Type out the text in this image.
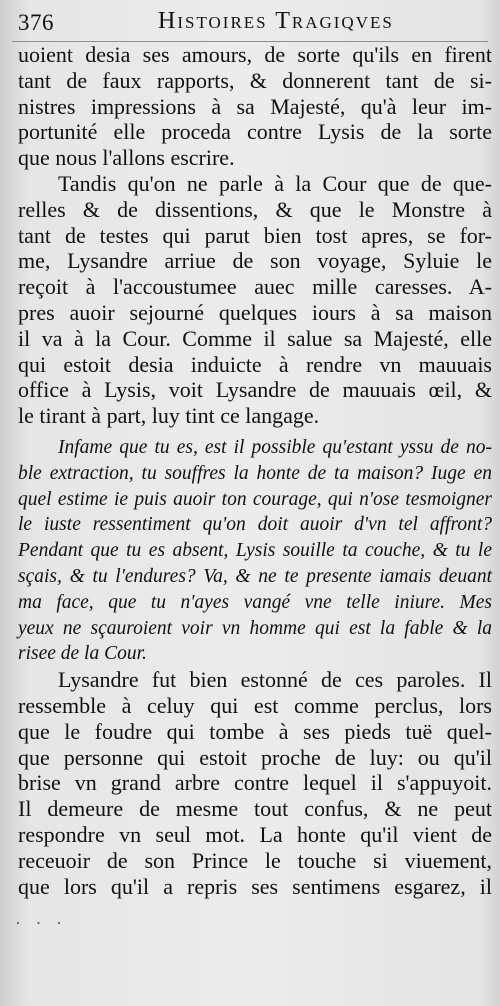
376	Histoires Tragiqves
uoient desia ses amours, de sorte qu'ils en firent
tant de faux rapports, & donnerent tant de si-
nistres impressions à sa Majesté, qu'à leur im-
portunité elle proceda contre Lysis de la sorte
que nous l'allons escrire.
Tandis qu'on ne parle à la Cour que de que-
relles & de dissentions, & que le Monstre à
tant de testes qui parut bien tost apres, se for-
me, Lysandre arriue de son voyage, Syluie le
reçoit à l'accoustumee auec mille caresses. A-
pres auoir sejourné quelques iours à sa maison
il va à la Cour. Comme il salue sa Majesté, elle
qui estoit desia induicte à rendre vn mauuais
office à Lysis, voit Lysandre de mauuais œil, &
le tirant à part, luy tint ce langage.
Infame que tu es, est il possible qu'estant yssu de no-
ble extraction, tu souffres la honte de ta maison? Iuge en
quel estime ie puis auoir ton courage, qui n'ose tesmoigner
le iuste ressentiment qu'on doit auoir d'vn tel affront?
Pendant que tu es absent, Lysis souille ta couche, & tu le
sçais, & tu l'endures? Va, & ne te presente iamais deuant
ma face, que tu n'ayes vangé vne telle iniure. Mes
yeux ne sçauroient voir vn homme qui est la fable & la
risee de la Cour.
Lysandre fut bien estonné de ces paroles. Il
ressemble à celuy qui est comme perclus, lors
que le foudre qui tombe à ses pieds tuë quel-
que personne qui estoit proche de luy: ou qu'il
brise vn grand arbre contre lequel il s'appuyoit.
Il demeure de mesme tout confus, & ne peut
respondre vn seul mot. La honte qu'il vient de
receuoir de son Prince le touche si viuement,
que lors qu'il a repris ses sentimens esgarez, il
· · ·
